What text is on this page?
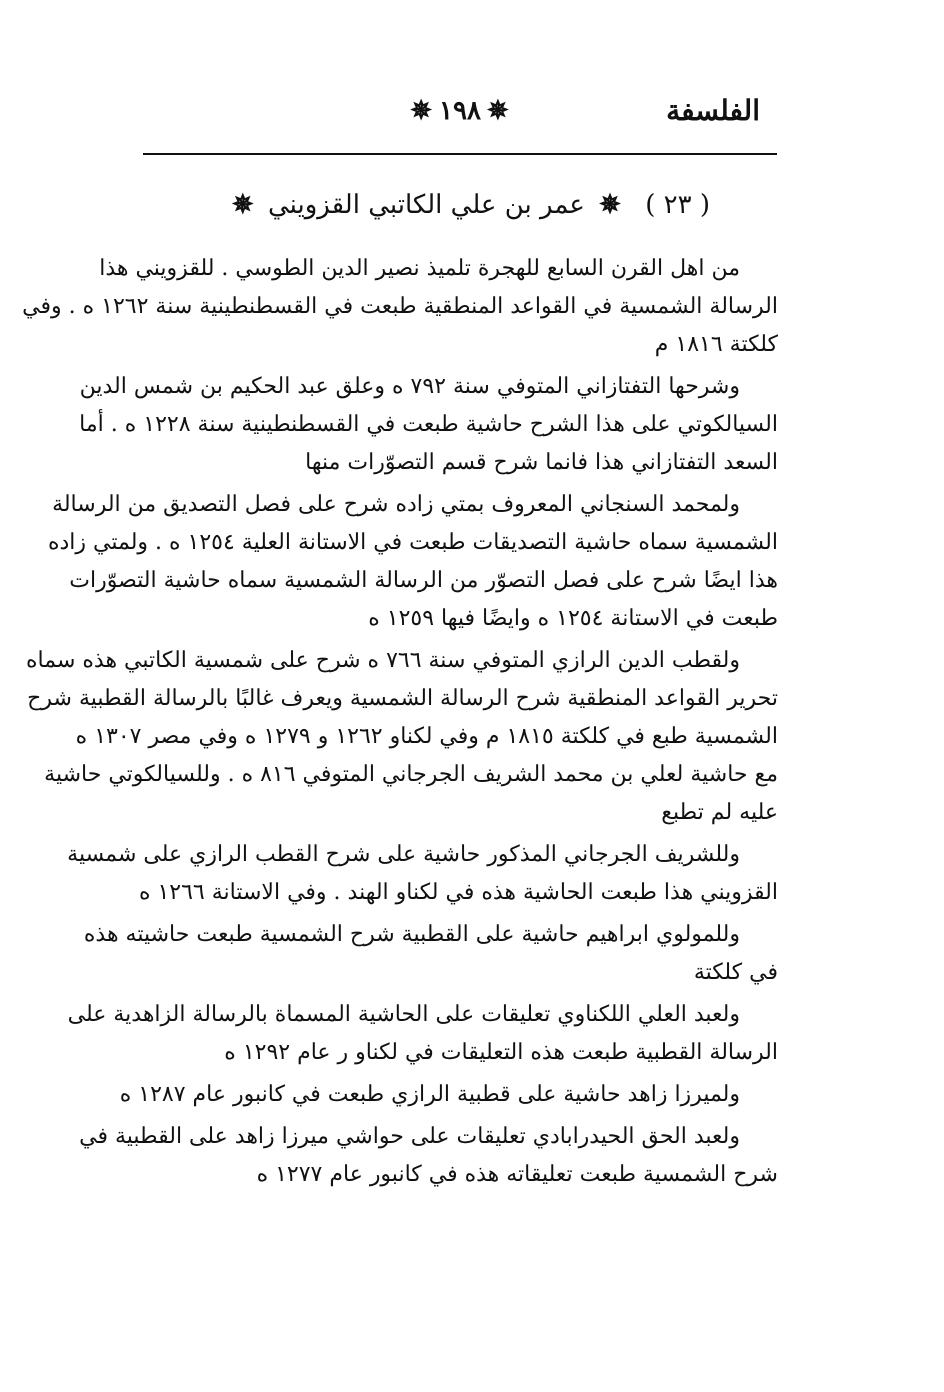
✵ ١٩٨ ✵	الفلسفة
( ٢٣ ) ✵ عمر بن علي الكاتبي القزويني ✵
من اهل القرن السابع للهجرة تلميذ نصير الدين الطوسي . للقزويني هذا
الرسالة الشمسية في القواعد المنطقية طبعت في القسطنطينية سنة ١٢٦٢ ه . وفي
كلكتة ١٨١٦ م
وشرحها التفتازاني المتوفي سنة ٧٩٢ ه وعلق عبد الحكيم بن شمس الدين
السيالكوتي على هذا الشرح حاشية طبعت في القسطنطينية سنة ١٢٢٨ ه . أما
السعد التفتازاني هذا فانما شرح قسم التصوّرات منها
ولمحمد السنجاني المعروف بمتي زاده شرح على فصل التصديق من الرسالة
الشمسية سماه حاشية التصديقات طبعت في الاستانة العلية ١٢٥٤ ه . ولمتي زاده
هذا ايضًا شرح على فصل التصوّر من الرسالة الشمسية سماه حاشية التصوّرات
طبعت في الاستانة ١٢٥٤ ه وايضًا فيها ١٢٥٩ ه
ولقطب الدين الرازي المتوفي سنة ٧٦٦ ه شرح على شمسية الكاتبي هذه سماه
تحرير القواعد المنطقية شرح الرسالة الشمسية ويعرف غالبًا بالرسالة القطبية شرح
الشمسية طبع في كلكتة ١٨١٥ م وفي لكناو ١٢٦٢ و ١٢٧٩ ه وفي مصر ١٣٠٧ ه
مع حاشية لعلي بن محمد الشريف الجرجاني المتوفي ٨١٦ ه . وللسيالكوتي حاشية
عليه لم تطبع
وللشريف الجرجاني المذكور حاشية على شرح القطب الرازي على شمسية
القزويني هذا طبعت الحاشية هذه في لكناو الهند . وفي الاستانة ١٢٦٦ ه
وللمولوي ابراهيم حاشية على القطبية شرح الشمسية طبعت حاشيته هذه
في كلكتة
ولعبد العلي اللكناوي تعليقات على الحاشية المسماة بالرسالة الزاهدية على
الرسالة القطبية طبعت هذه التعليقات في لكناو ر عام ١٢٩٢ ه
ولميرزا زاهد حاشية على قطبية الرازي طبعت في كانبور عام ١٢٨٧ ه
ولعبد الحق الحيدرابادي تعليقات على حواشي ميرزا زاهد على القطبية في
شرح الشمسية طبعت تعليقاته هذه في كانبور عام ١٢٧٧ ه
